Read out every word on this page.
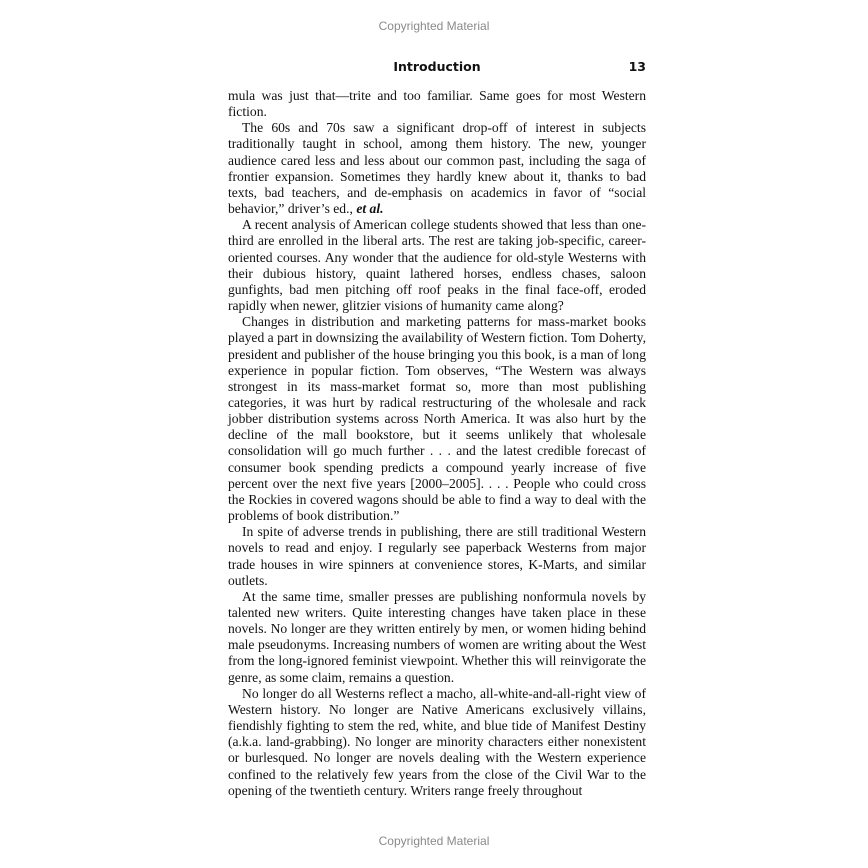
Copyrighted Material
Introduction	13

mula was just that—trite and too familiar. Same goes for most Western fiction.

The 60s and 70s saw a significant drop-off of interest in subjects traditionally taught in school, among them history. The new, younger audience cared less and less about our common past, including the saga of frontier expansion. Sometimes they hardly knew about it, thanks to bad texts, bad teachers, and de-emphasis on academics in favor of “social behavior,” driver’s ed., et al.

A recent analysis of American college students showed that less than one-third are enrolled in the liberal arts. The rest are taking job-specific, career-oriented courses. Any wonder that the audience for old-style Westerns with their dubious history, quaint lathered horses, endless chases, saloon gunfights, bad men pitching off roof peaks in the final face-off, eroded rapidly when newer, glitzier visions of humanity came along?

Changes in distribution and marketing patterns for mass-market books played a part in downsizing the availability of Western fiction. Tom Doherty, president and publisher of the house bringing you this book, is a man of long experience in popular fiction. Tom observes, “The Western was always strongest in its mass-market format so, more than most publishing categories, it was hurt by radical restructuring of the wholesale and rack jobber distribution systems across North America. It was also hurt by the decline of the mall bookstore, but it seems unlikely that wholesale consolidation will go much further . . . and the latest credible forecast of consumer book spending predicts a compound yearly increase of five percent over the next five years [2000–2005]. . . . People who could cross the Rockies in covered wagons should be able to find a way to deal with the problems of book distribution.”

In spite of adverse trends in publishing, there are still traditional Western novels to read and enjoy. I regularly see paperback Westerns from major trade houses in wire spinners at convenience stores, K-Marts, and similar outlets.

At the same time, smaller presses are publishing nonformula novels by talented new writers. Quite interesting changes have taken place in these novels. No longer are they written entirely by men, or women hiding behind male pseudonyms. Increasing numbers of women are writing about the West from the long-ignored feminist viewpoint. Whether this will reinvigorate the genre, as some claim, remains a question.

No longer do all Westerns reflect a macho, all-white-and-all-right view of Western history. No longer are Native Americans exclusively villains, fiendishly fighting to stem the red, white, and blue tide of Manifest Destiny (a.k.a. land-grabbing). No longer are minority characters either nonexistent or burlesqued. No longer are novels dealing with the Western experience confined to the relatively few years from the close of the Civil War to the opening of the twentieth century. Writers range freely throughout

Copyrighted Material
